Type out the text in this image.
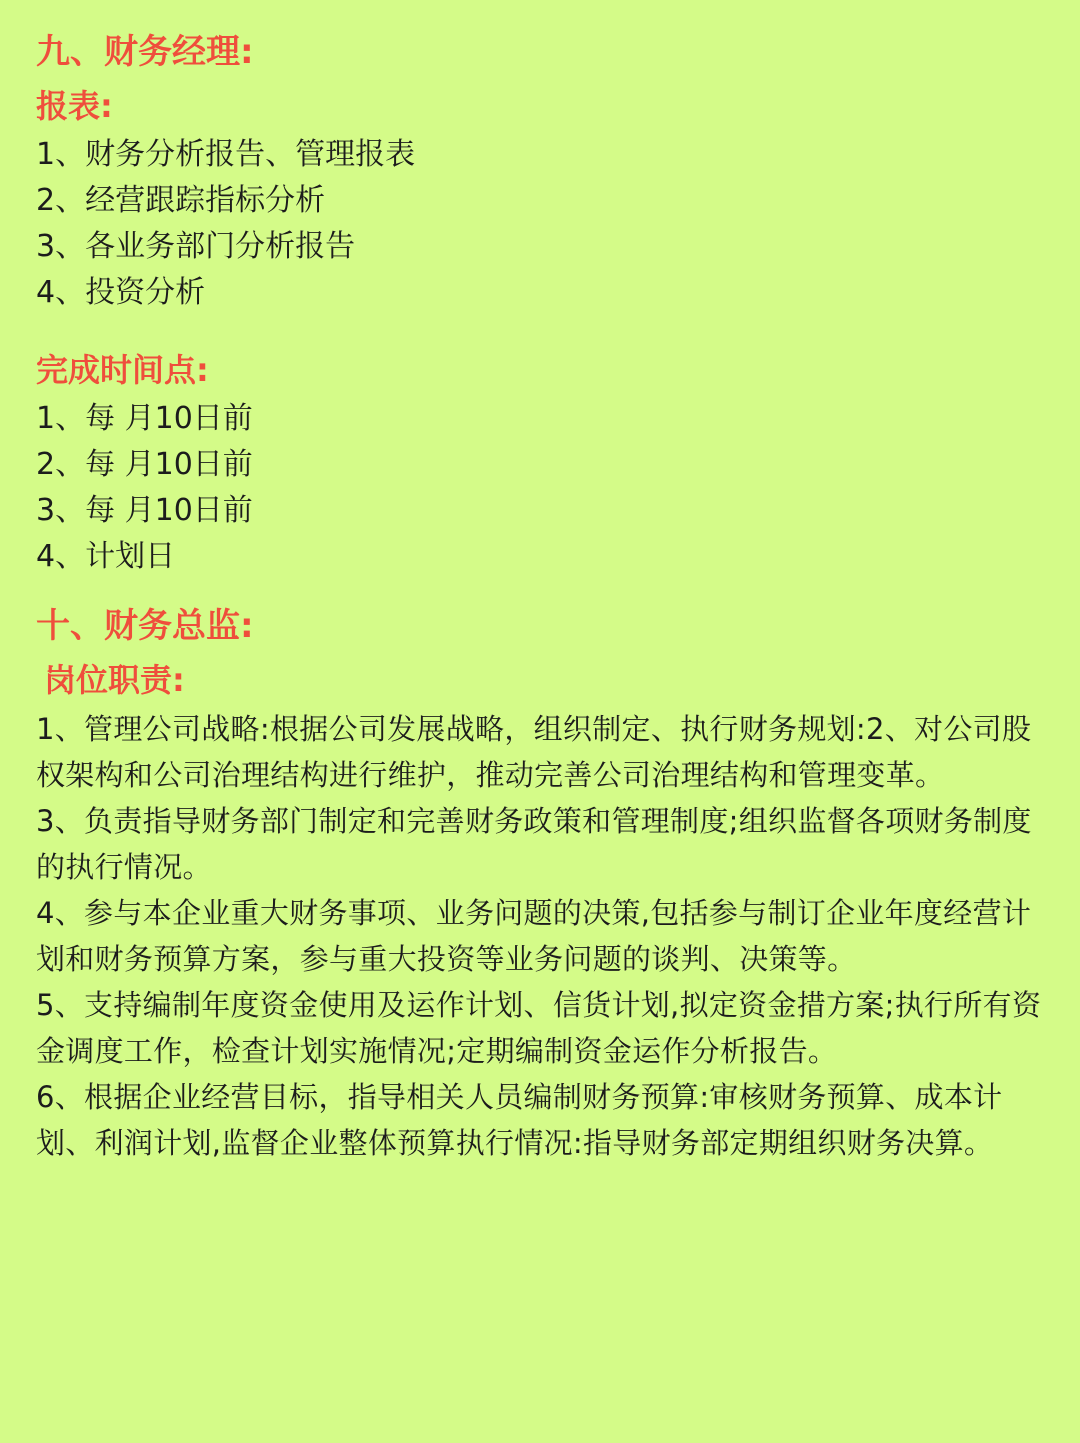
九、财务经理:
报表:
1、财务分析报告、管理报表
2、经营跟踪指标分析
3、各业务部门分析报告
4、投资分析
完成时间点:
1、每 月10日前
2、每 月10日前
3、每 月10日前
4、计划日
十、财务总监:
岗位职责:

1、管理公司战略:根据公司发展战略，组织制定、执行财务规划:2、对公司股权架构和公司治理结构进行维护，推动完善公司治理结构和管理变革。

3、负责指导财务部门制定和完善财务政策和管理制度;组织监督各项财务制度的执行情况。

4、参与本企业重大财务事项、业务问题的决策,包括参与制订企业年度经营计划和财务预算方案，参与重大投资等业务问题的谈判、决策等。

5、支持编制年度资金使用及运作计划、信货计划,拟定资金措方案;执行所有资金调度工作，检查计划实施情况;定期编制资金运作分析报告。

6、根据企业经营目标，指导相关人员编制财务预算:审核财务预算、成本计划、利润计划,监督企业整体预算执行情况:指导财务部定期组织财务决算。
